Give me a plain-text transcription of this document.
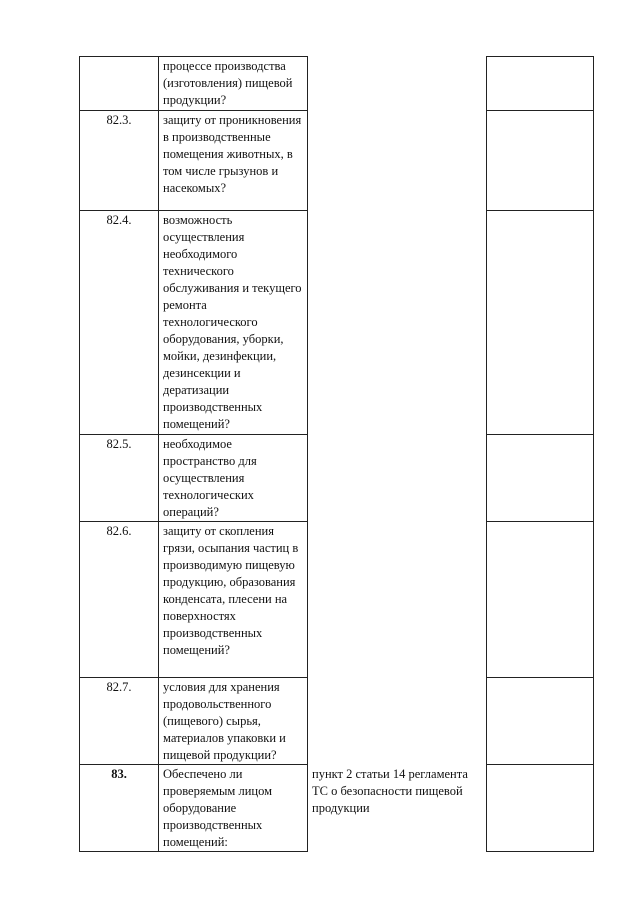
	процессе производства (изготовления) пищевой продукции?		
82.3.	защиту от проникновения в производственные помещения животных, в том числе грызунов и насекомых?		
82.4.	возможность осуществления необходимого технического обслуживания и текущего ремонта технологического оборудования, уборки, мойки, дезинфекции, дезинсекции и дератизации производственных помещений?		
82.5.	необходимое пространство для осуществления технологических операций?		
82.6.	защиту от скопления грязи, осыпания частиц в производимую пищевую продукцию, образования конденсата, плесени на поверхностях производственных помещений?		
82.7.	условия для хранения продовольственного (пищевого) сырья, материалов упаковки и пищевой продукции?		
83.	Обеспечено ли проверяемым лицом оборудование производственных помещений:	пункт 2 статьи 14 регламента ТС о безопасности пищевой продукции	
